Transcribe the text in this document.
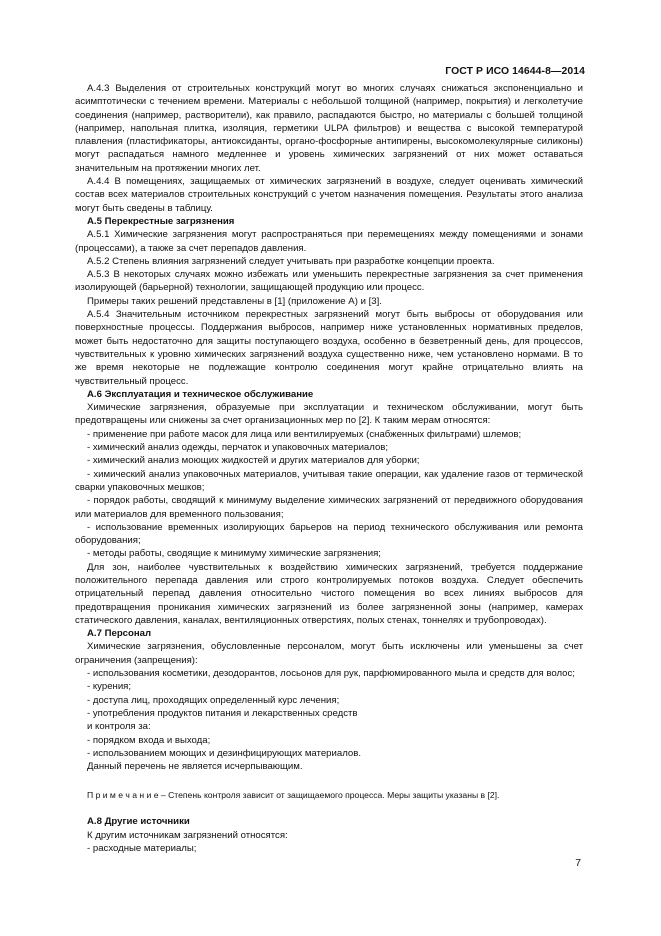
ГОСТ Р ИСО 14644-8—2014
А.4.3 Выделения от строительных конструкций могут во многих случаях снижаться экспоненциально и асимптотически с течением времени. Материалы с небольшой толщиной (например, покрытия) и легколетучие соединения (например, растворители), как правило, распадаются быстро, но материалы с большей толщиной (например, напольная плитка, изоляция, герметики ULPA фильтров) и вещества с высокой температурой плавления (пластификаторы, антиоксиданты, органо-фосфорные антипирены, высокомолекулярные силиконы) могут распадаться намного медленнее и уровень химических загрязнений от них может оставаться значительным на протяжении многих лет.
А.4.4 В помещениях, защищаемых от химических загрязнений в воздухе, следует оценивать химический состав всех материалов строительных конструкций с учетом назначения помещения. Результаты этого анализа могут быть сведены в таблицу.
А.5 Перекрестные загрязнения
А.5.1 Химические загрязнения могут распространяться при перемещениях между помещениями и зонами (процессами), а также за счет перепадов давления.
А.5.2 Степень влияния загрязнений следует учитывать при разработке концепции проекта.
А.5.3 В некоторых случаях можно избежать или уменьшить перекрестные загрязнения за счет применения изолирующей (барьерной) технологии, защищающей продукцию или процесс.
Примеры таких решений представлены в [1] (приложение А) и [3].
А.5.4 Значительным источником перекрестных загрязнений могут быть выбросы от оборудования или поверхностные процессы. Поддержания выбросов, например ниже установленных нормативных пределов, может быть недостаточно для защиты поступающего воздуха, особенно в безветренный день, для процессов, чувствительных к уровню химических загрязнений воздуха существенно ниже, чем установлено нормами. В то же время некоторые не подлежащие контролю соединения могут крайне отрицательно влиять на чувствительный процесс.
А.6 Эксплуатация и техническое обслуживание
Химические загрязнения, образуемые при эксплуатации и техническом обслуживании, могут быть предотвращены или снижены за счет организационных мер по [2]. К таким мерам относятся:
- применение при работе масок для лица или вентилируемых (снабженных фильтрами) шлемов;
- химический анализ одежды, перчаток и упаковочных материалов;
- химический анализ моющих жидкостей и других материалов для уборки;
- химический анализ упаковочных материалов, учитывая такие операции, как удаление газов от термической сварки упаковочных мешков;
- порядок работы, сводящий к минимуму выделение химических загрязнений от передвижного оборудования или материалов для временного пользования;
- использование временных изолирующих барьеров на период технического обслуживания или ремонта оборудования;
- методы работы, сводящие к минимуму химические загрязнения;
Для зон, наиболее чувствительных к воздействию химических загрязнений, требуется поддержание положительного перепада давления или строго контролируемых потоков воздуха. Следует обеспечить отрицательный перепад давления относительно чистого помещения во всех линиях выбросов для предотвращения проникания химических загрязнений из более загрязненной зоны (например, камерах статического давления, каналах, вентиляционных отверстиях, полых стенах, тоннелях и трубопроводах).
А.7 Персонал
Химические загрязнения, обусловленные персоналом, могут быть исключены или уменьшены за счет ограничения (запрещения):
- использования косметики, дезодорантов, лосьонов для рук, парфюмированного мыла и средств для волос;
- курения;
- доступа лиц, проходящих определенный курс лечения;
- употребления продуктов питания и лекарственных средств
и контроля за:
- порядком входа и выхода;
- использованием моющих и дезинфицирующих материалов.
Данный перечень не является исчерпывающим.
П р и м е ч а н и е – Степень контроля зависит от защищаемого процесса. Меры защиты указаны в [2].
А.8 Другие источники
К другим источникам загрязнений относятся:
- расходные материалы;
7
